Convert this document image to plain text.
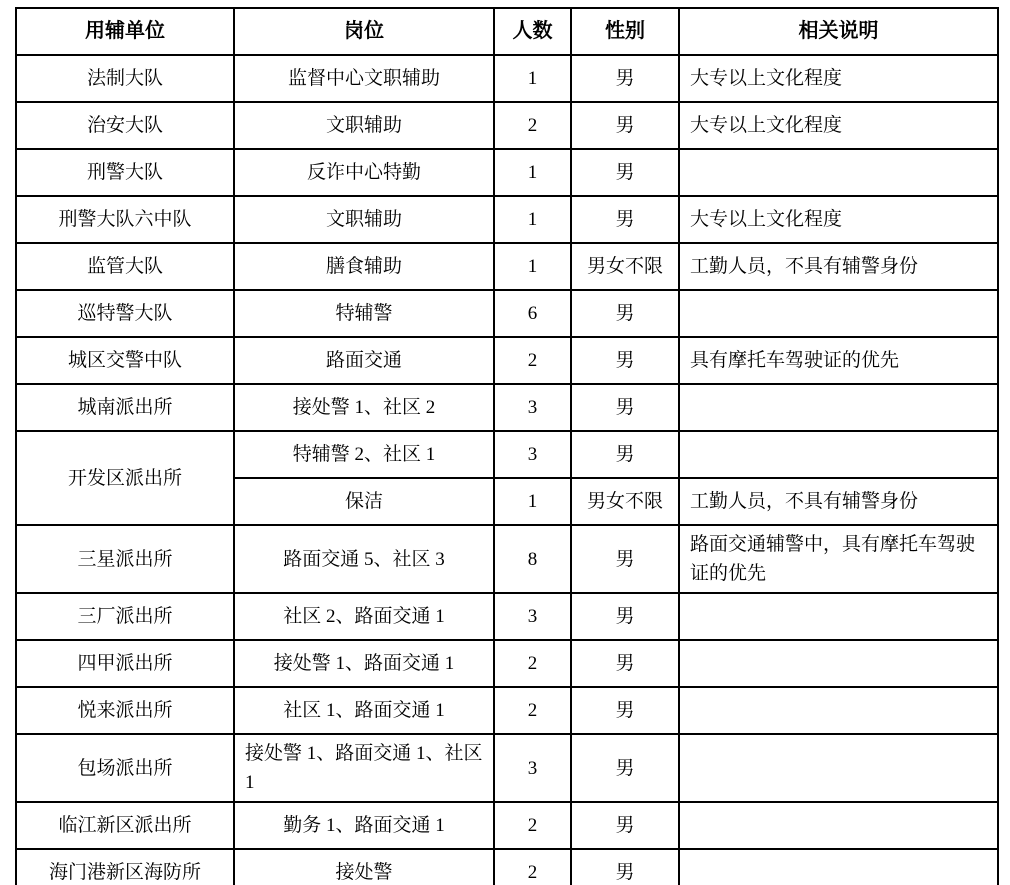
用辅单位	岗位	人数	性别	相关说明
法制大队	监督中心文职辅助	1	男	大专以上文化程度
治安大队	文职辅助	2	男	大专以上文化程度
刑警大队	反诈中心特勤	1	男	
刑警大队六中队	文职辅助	1	男	大专以上文化程度
监管大队	膳食辅助	1	男女不限	工勤人员，不具有辅警身份
巡特警大队	特辅警	6	男	
城区交警中队	路面交通	2	男	具有摩托车驾驶证的优先
城南派出所	接处警 1、社区 2	3	男	
开发区派出所	特辅警 2、社区 1	3	男	
	保洁	1	男女不限	工勤人员，不具有辅警身份
三星派出所	路面交通 5、社区 3	8	男	路面交通辅警中，具有摩托车驾驶证的优先
三厂派出所	社区 2、路面交通 1	3	男	
四甲派出所	接处警 1、路面交通 1	2	男	
悦来派出所	社区 1、路面交通 1	2	男	
包场派出所	接处警 1、路面交通 1、社区 1	3	男	
临江新区派出所	勤务 1、路面交通 1	2	男	
海门港新区海防所	接处警	2	男	
